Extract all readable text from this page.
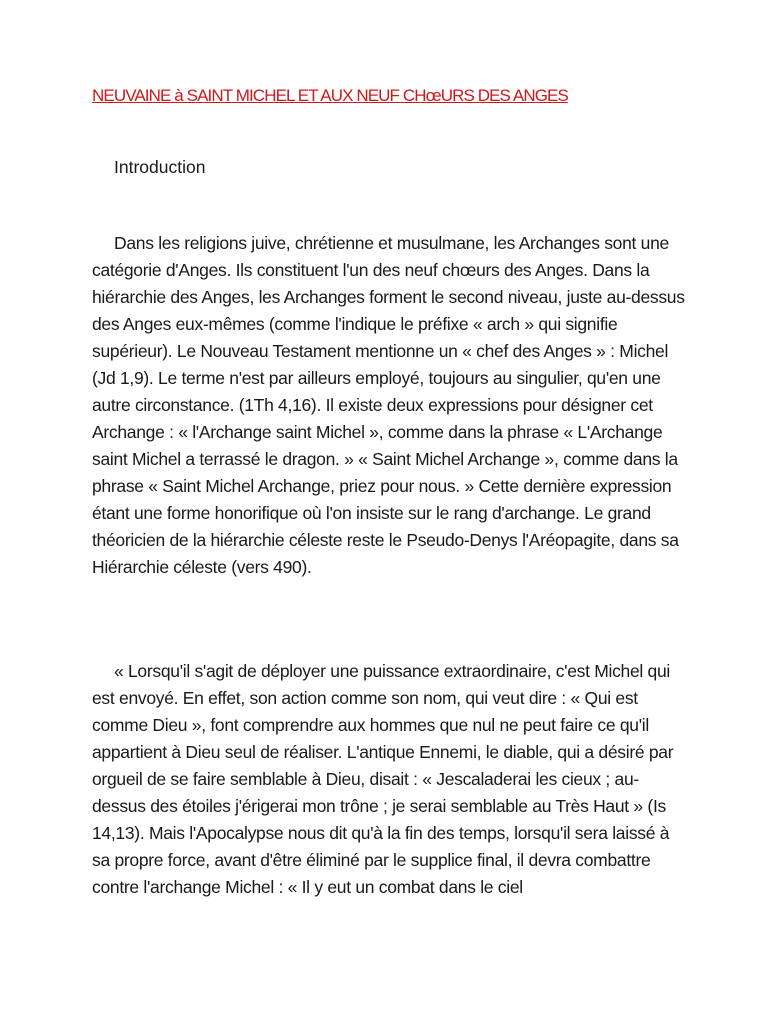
NEUVAINE à SAINT MICHEL ET AUX NEUF CHœURS DES ANGES
Introduction

Dans les religions juive, chrétienne et musulmane, les Archanges sont une catégorie d'Anges. Ils constituent l'un des neuf chœurs des Anges. Dans la hiérarchie des Anges, les Archanges forment le second niveau, juste au-dessus des Anges eux-mêmes (comme l'indique le préfixe « arch » qui signifie supérieur). Le Nouveau Testament mentionne un « chef des Anges » : Michel (Jd 1,9). Le terme n'est par ailleurs employé, toujours au singulier, qu'en une autre circonstance. (1Th 4,16). Il existe deux expressions pour désigner cet Archange : « l'Archange saint Michel », comme dans la phrase « L'Archange saint Michel a terrassé le dragon. » « Saint Michel Archange », comme dans la phrase « Saint Michel Archange, priez pour nous. » Cette dernière expression étant une forme honorifique où l'on insiste sur le rang d'archange. Le grand théoricien de la hiérarchie céleste reste le Pseudo-Denys l'Aréopagite, dans sa Hiérarchie céleste (vers 490).

« Lorsqu'il s'agit de déployer une puissance extraordinaire, c'est Michel qui est envoyé. En effet, son action comme son nom, qui veut dire : « Qui est comme Dieu », font comprendre aux hommes que nul ne peut faire ce qu'il appartient à Dieu seul de réaliser. L'antique Ennemi, le diable, qui a désiré par orgueil de se faire semblable à Dieu, disait : « Jescaladerai les cieux ; au-dessus des étoiles j'érigerai mon trône ; je serai semblable au Très Haut » (Is 14,13). Mais l'Apocalypse nous dit qu'à la fin des temps, lorsqu'il sera laissé à sa propre force, avant d'être éliminé par le supplice final, il devra combattre contre l'archange Michel : « Il y eut un combat dans le ciel
